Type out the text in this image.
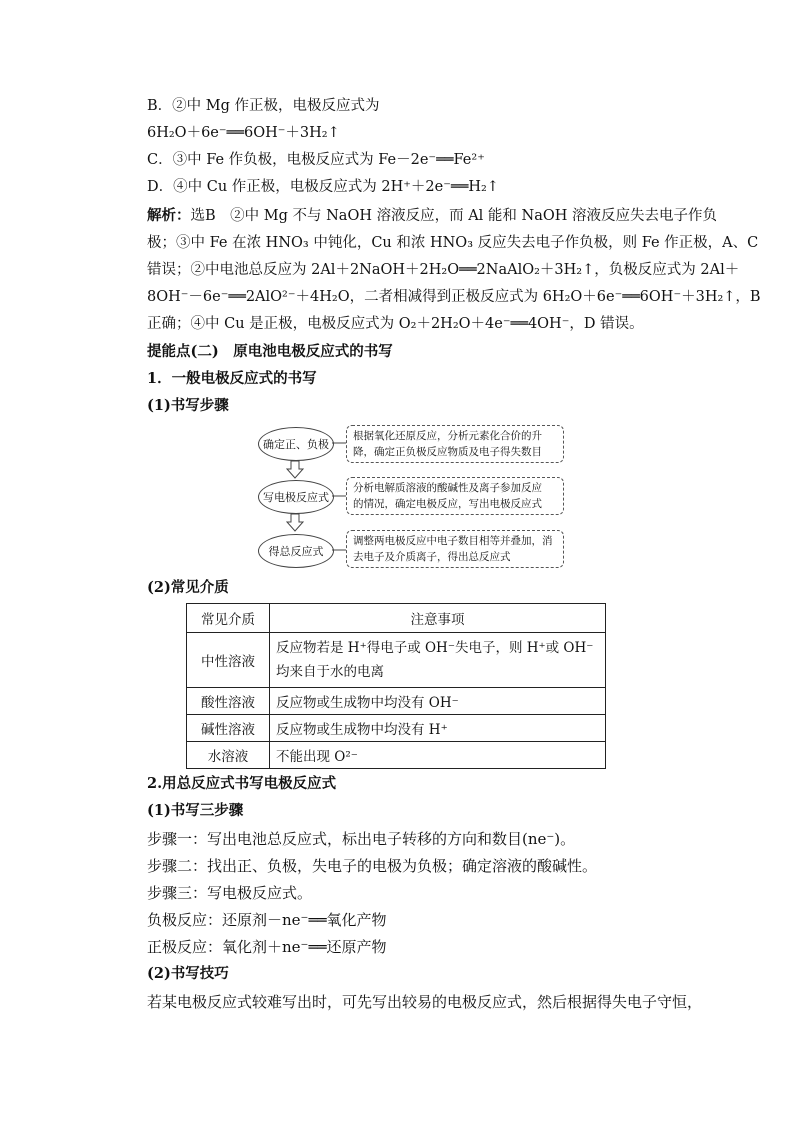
B．②中 Mg 作正极，电极反应式为
6H₂O＋6e⁻══6OH⁻＋3H₂↑
C．③中 Fe 作负极，电极反应式为 Fe－2e⁻══Fe²⁺
D．④中 Cu 作正极，电极反应式为 2H⁺＋2e⁻══H₂↑
解析：选B　②中 Mg 不与 NaOH 溶液反应，而 Al 能和 NaOH 溶液反应失去电子作负
极；③中 Fe 在浓 HNO₃ 中钝化，Cu 和浓 HNO₃ 反应失去电子作负极，则 Fe 作正极，A、C
错误；②中电池总反应为 2Al＋2NaOH＋2H₂O══2NaAlO₂＋3H₂↑，负极反应式为 2Al＋
8OH⁻－6e⁻══2AlO²⁻＋4H₂O，二者相减得到正极反应式为 6H₂O＋6e⁻══6OH⁻＋3H₂↑，B
正确；④中 Cu 是正极，电极反应式为 O₂＋2H₂O＋4e⁻══4OH⁻，D 错误。
提能点(二)　原电池电极反应式的书写
1．一般电极反应式的书写
(1)书写步骤
确定正、负极
写电极反应式
得总反应式
根据氧化还原反应，分析元素化合价的升
降，确定正负极反应物质及电子得失数目
分析电解质溶液的酸碱性及离子参加反应
的情况，确定电极反应，写出电极反应式
调整两电极反应中电子数目相等并叠加，消
去电子及介质离子，得出总反应式
(2)常见介质
常见介质	注意事项
中性溶液	反应物若是 H⁺得电子或 OH⁻失电子，则 H⁺或 OH⁻均来自于水的电离
酸性溶液	反应物或生成物中均没有 OH⁻
碱性溶液	反应物或生成物中均没有 H⁺
水溶液	不能出现 O²⁻
2.用总反应式书写电极反应式
(1)书写三步骤
步骤一：写出电池总反应式，标出电子转移的方向和数目(ne⁻)。
步骤二：找出正、负极，失电子的电极为负极；确定溶液的酸碱性。
步骤三：写电极反应式。
负极反应：还原剂－ne⁻══氧化产物
正极反应：氧化剂＋ne⁻══还原产物
(2)书写技巧
若某电极反应式较难写出时，可先写出较易的电极反应式，然后根据得失电子守恒，
